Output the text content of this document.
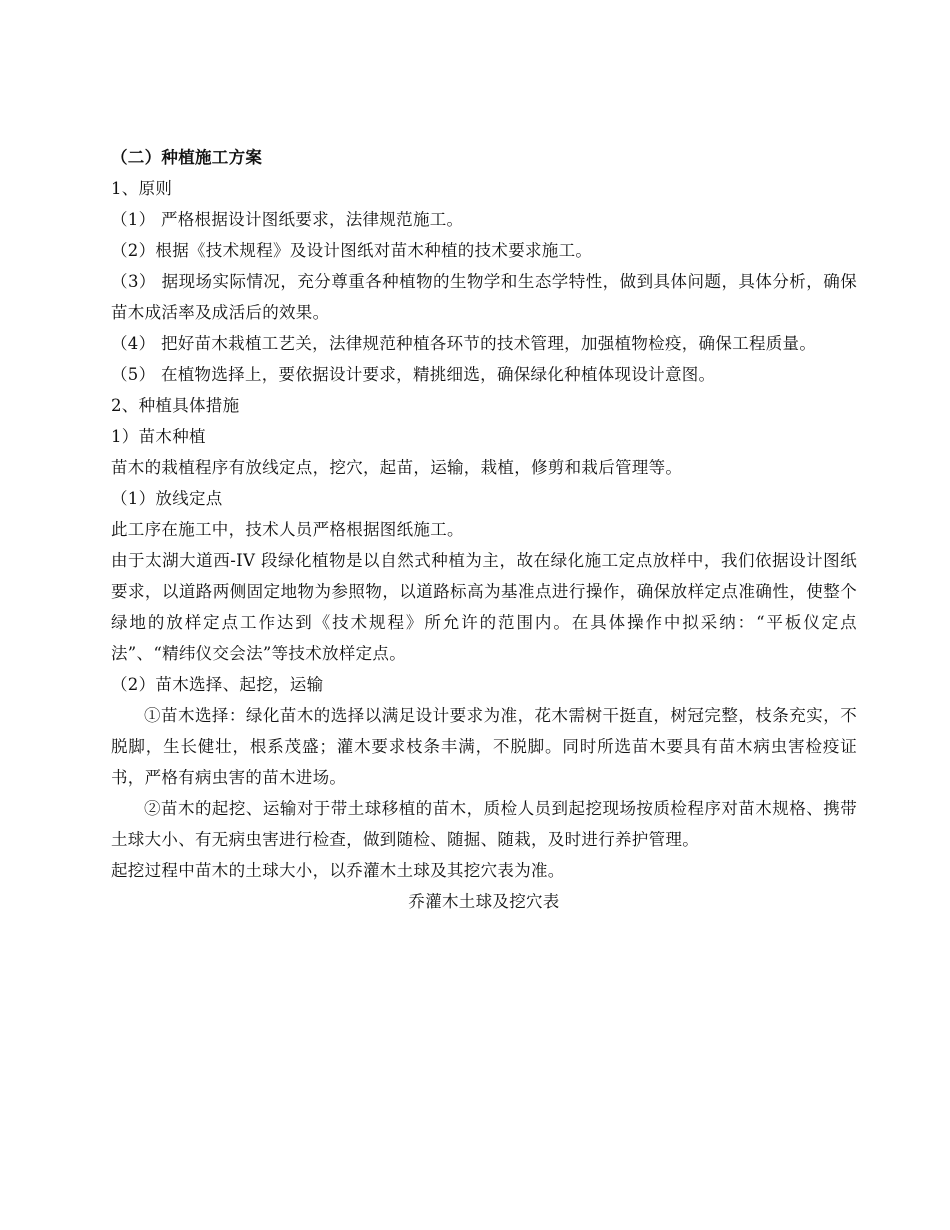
（二）种植施工方案

1、原则

（1） 严格根据设计图纸要求，法律规范施工。

（2）根据《技术规程》及设计图纸对苗木种植的技术要求施工。

（3） 据现场实际情况，充分尊重各种植物的生物学和生态学特性，做到具体问题，具体分析，确保苗木成活率及成活后的效果。

（4） 把好苗木栽植工艺关，法律规范种植各环节的技术管理，加强植物检疫，确保工程质量。

（5） 在植物选择上，要依据设计要求，精挑细选，确保绿化种植体现设计意图。

2、种植具体措施

1）苗木种植

苗木的栽植程序有放线定点，挖穴，起苗，运输，栽植，修剪和栽后管理等。

（1）放线定点

此工序在施工中，技术人员严格根据图纸施工。

由于太湖大道西-IV 段绿化植物是以自然式种植为主，故在绿化施工定点放样中，我们依据设计图纸要求，以道路两侧固定地物为参照物，以道路标高为基准点进行操作，确保放样定点准确性，使整个绿地的放样定点工作达到《技术规程》所允许的范围内。在具体操作中拟采纳：“平板仪定点法”、“精纬仪交会法”等技术放样定点。

（2）苗木选择、起挖，运输

①苗木选择：绿化苗木的选择以满足设计要求为准，花木需树干挺直，树冠完整，枝条充实，不脱脚，生长健壮，根系茂盛；灌木要求枝条丰满，不脱脚。同时所选苗木要具有苗木病虫害检疫证书，严格有病虫害的苗木进场。

②苗木的起挖、运输对于带土球移植的苗木，质检人员到起挖现场按质检程序对苗木规格、携带土球大小、有无病虫害进行检查，做到随检、随掘、随栽，及时进行养护管理。

起挖过程中苗木的土球大小，以乔灌木土球及其挖穴表为准。

乔灌木土球及挖穴表
